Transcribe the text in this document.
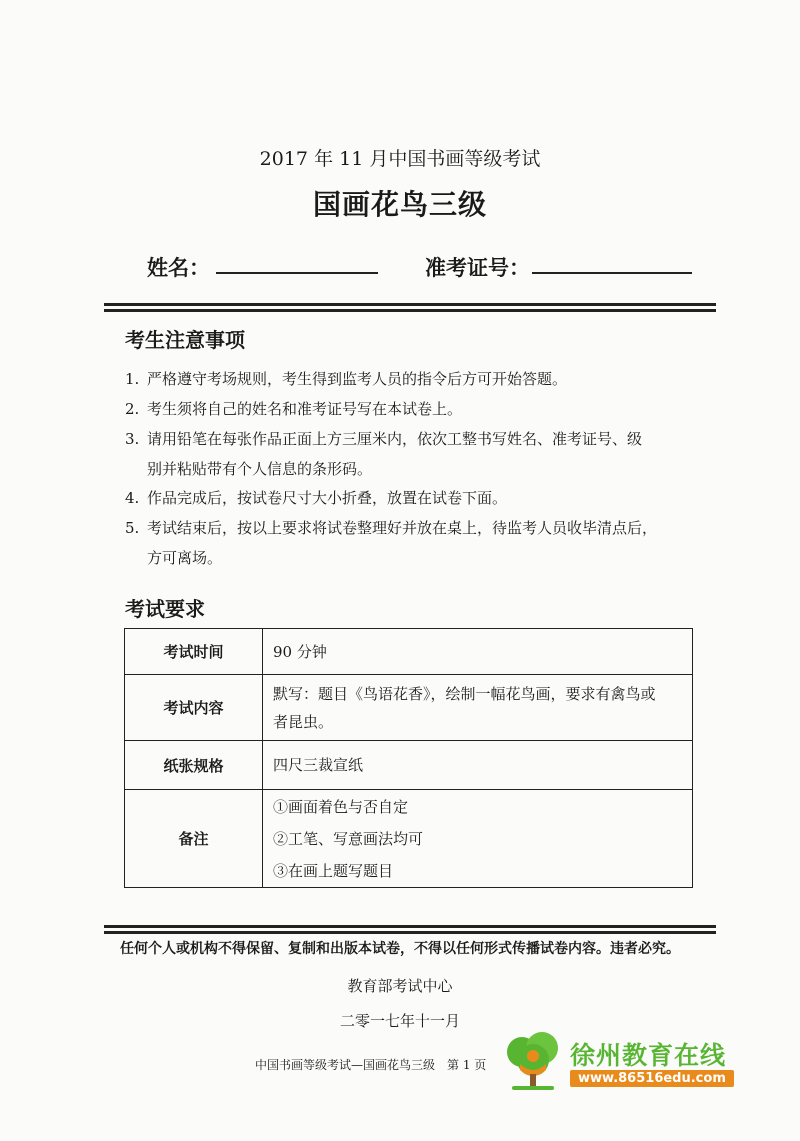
2017 年 11 月中国书画等级考试
国画花鸟三级
姓名：	准考证号：
考生注意事项
1. 严格遵守考场规则，考生得到监考人员的指令后方可开始答题。
2. 考生须将自己的姓名和准考证号写在本试卷上。
3. 请用铅笔在每张作品正面上方三厘米内，依次工整书写姓名、准考证号、级
别并粘贴带有个人信息的条形码。
4. 作品完成后，按试卷尺寸大小折叠，放置在试卷下面。
5. 考试结束后，按以上要求将试卷整理好并放在桌上，待监考人员收毕清点后，
方可离场。
考试要求
考试时间	90 分钟

考试内容	默写：题目《鸟语花香》，绘制一幅花鸟画，要求有禽鸟或
者昆虫。

纸张规格	四尺三裁宣纸

备注	①画面着色与否自定
②工笔、写意画法均可
③在画上题写题目
任何个人或机构不得保留、复制和出版本试卷，不得以任何形式传播试卷内容。违者必究。
教育部考试中心
二零一七年十一月
中国书画等级考试—国画花鸟三级　第 1 页	徐州教育在线
www.86516edu.com
